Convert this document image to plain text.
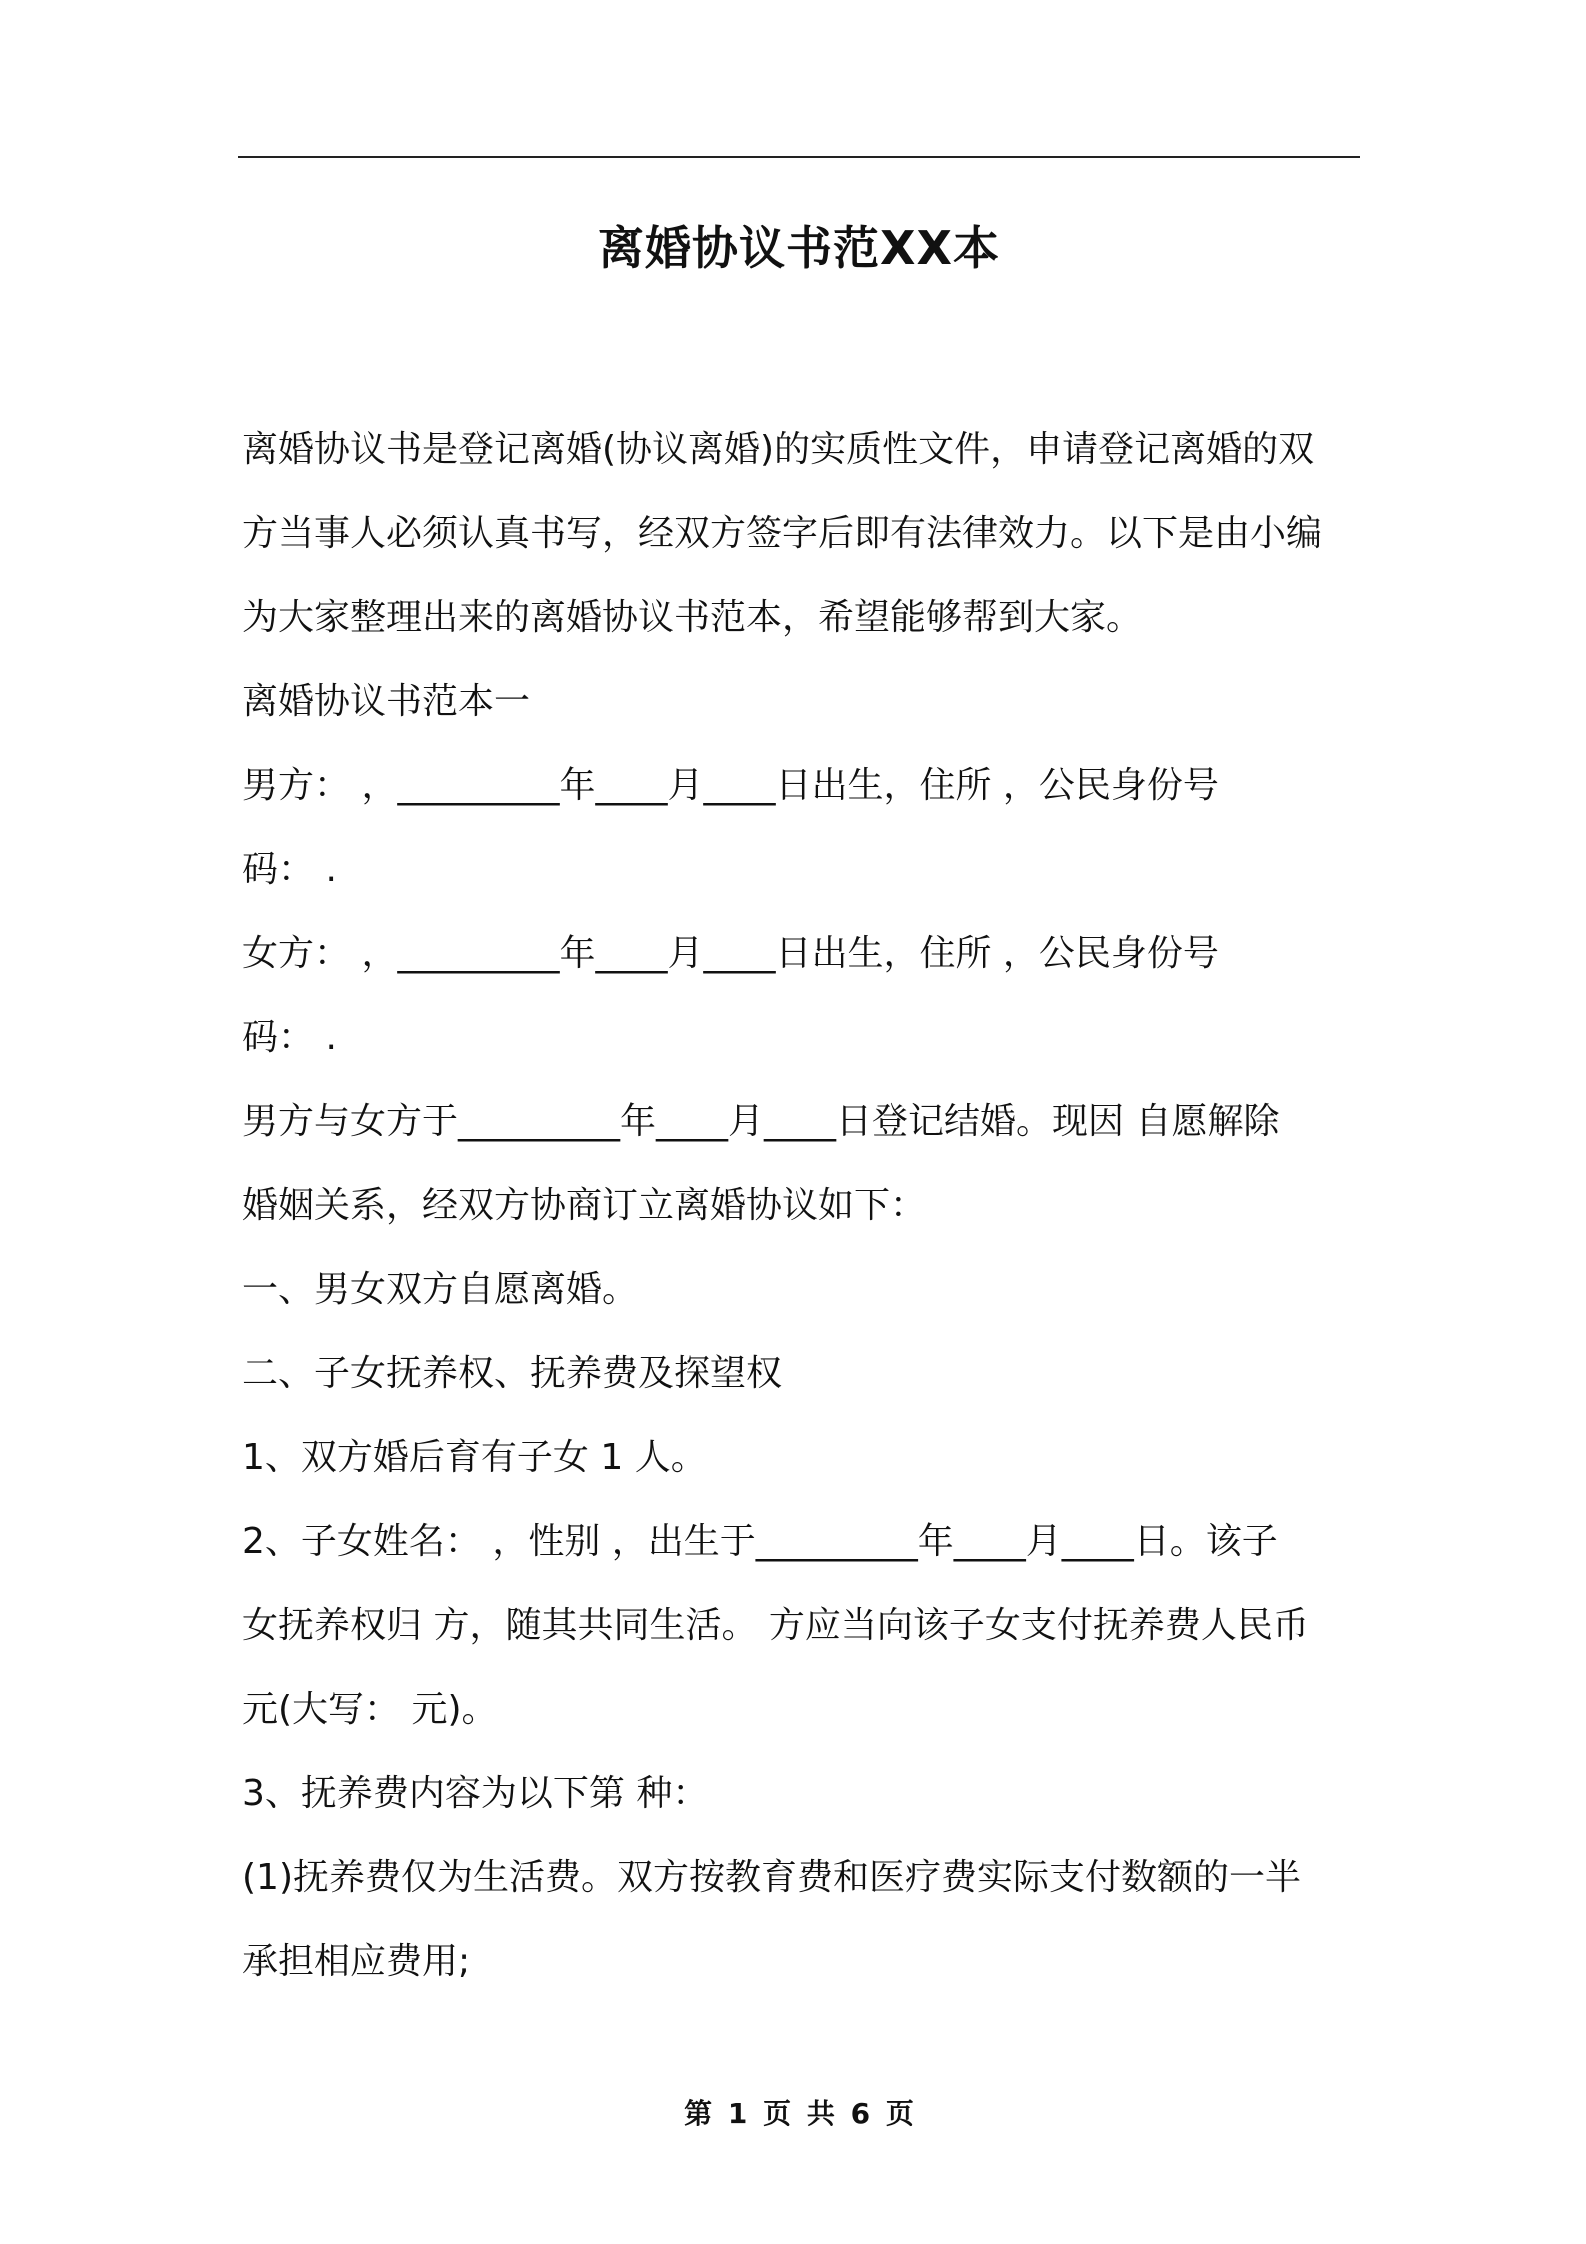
离婚协议书范XX本
离婚协议书是登记离婚(协议离婚)的实质性文件，申请登记离婚的双
方当事人必须认真书写，经双方签字后即有法律效力。以下是由小编
为大家整理出来的离婚协议书范本，希望能够帮到大家。
离婚协议书范本一
男方： ，_________年____月____日出生，住所 ，公民身份号
码： .
女方： ，_________年____月____日出生，住所 ，公民身份号
码： .
男方与女方于_________年____月____日登记结婚。现因 自愿解除
婚姻关系，经双方协商订立离婚协议如下：
一、男女双方自愿离婚。
二、子女抚养权、抚养费及探望权
1、双方婚后育有子女 1 人。
2、子女姓名： ，性别 ，出生于_________年____月____日。该子
女抚养权归 方，随其共同生活。 方应当向该子女支付抚养费人民币
元(大写： 元)。
3、抚养费内容为以下第 种：
(1)抚养费仅为生活费。双方按教育费和医疗费实际支付数额的一半
承担相应费用;
第 1 页 共 6 页
